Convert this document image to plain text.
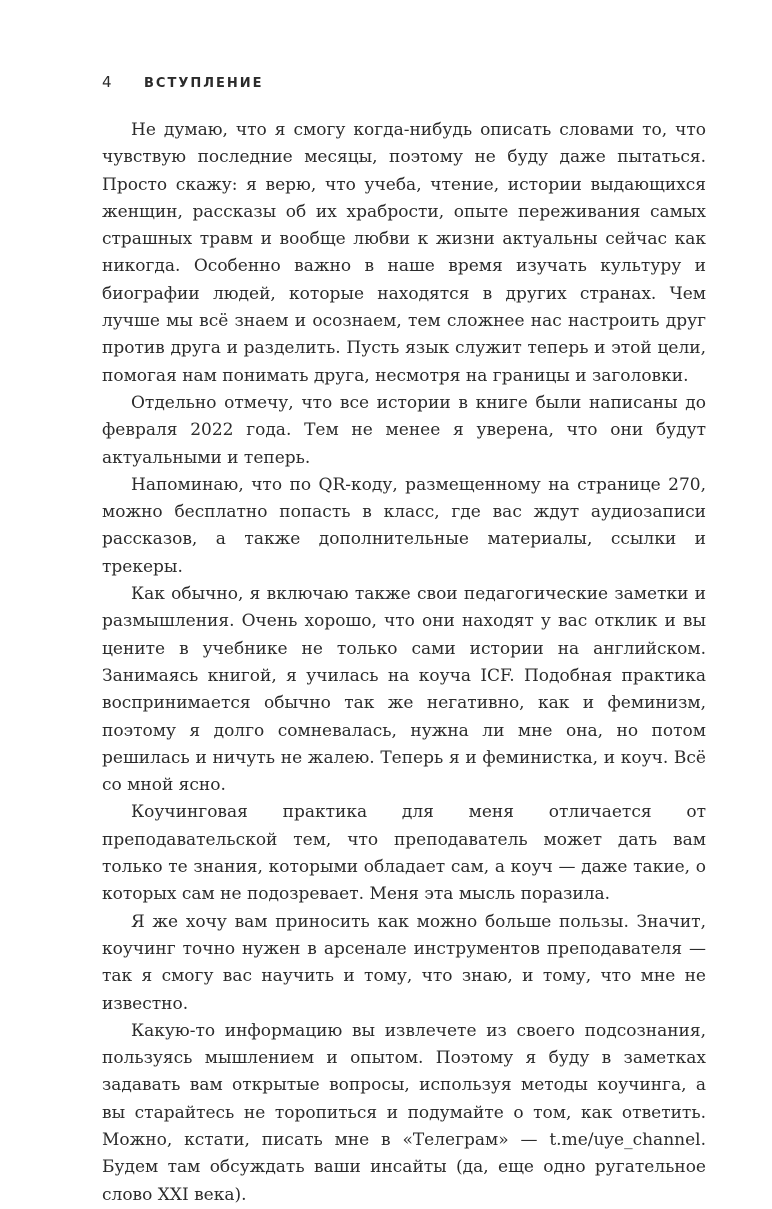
4	ВСТУПЛЕНИЕ

Не думаю, что я смогу когда-нибудь описать словами то, что чувствую последние месяцы, поэтому не буду даже пытаться. Просто скажу: я верю, что учеба, чтение, истории выдающихся женщин, рассказы об их храбрости, опыте переживания самых страшных травм и вообще любви к жизни актуальны сейчас как никогда. Особенно важно в наше время изучать культуру и биографии людей, которые находятся в других странах. Чем лучше мы всё знаем и осознаем, тем сложнее нас настроить друг против друга и разделить. Пусть язык служит теперь и этой цели, помогая нам понимать друга, несмотря на границы и заголовки.

Отдельно отмечу, что все истории в книге были написаны до февраля 2022 года. Тем не менее я уверена, что они будут актуальными и теперь.

Напоминаю, что по QR-коду, размещенному на странице 270, можно бесплатно попасть в класс, где вас ждут аудиозаписи рассказов, а также дополнительные материалы, ссылки и трекеры.

Как обычно, я включаю также свои педагогические заметки и размышления. Очень хорошо, что они находят у вас отклик и вы цените в учебнике не только сами истории на английском. Занимаясь книгой, я училась на коуча ICF. Подобная практика воспринимается обычно так же негативно, как и феминизм, поэтому я долго сомневалась, нужна ли мне она, но потом решилась и ничуть не жалею. Теперь я и феминистка, и коуч. Всё со мной ясно.

Коучинговая практика для меня отличается от преподавательской тем, что преподаватель может дать вам только те знания, которыми обладает сам, а коуч — даже такие, о которых сам не подозревает. Меня эта мысль поразила.

Я же хочу вам приносить как можно больше пользы. Значит, коучинг точно нужен в арсенале инструментов преподавателя — так я смогу вас научить и тому, что знаю, и тому, что мне не известно.

Какую-то информацию вы извлечете из своего подсознания, пользуясь мышлением и опытом. Поэтому я буду в заметках задавать вам открытые вопросы, используя методы коучинга, а вы старайтесь не торопиться и подумайте о том, как ответить. Можно, кстати, писать мне в «Телеграм» — t.me/uye_channel. Будем там обсуждать ваши инсайты (да, еще одно ругательное слово XXI века).
